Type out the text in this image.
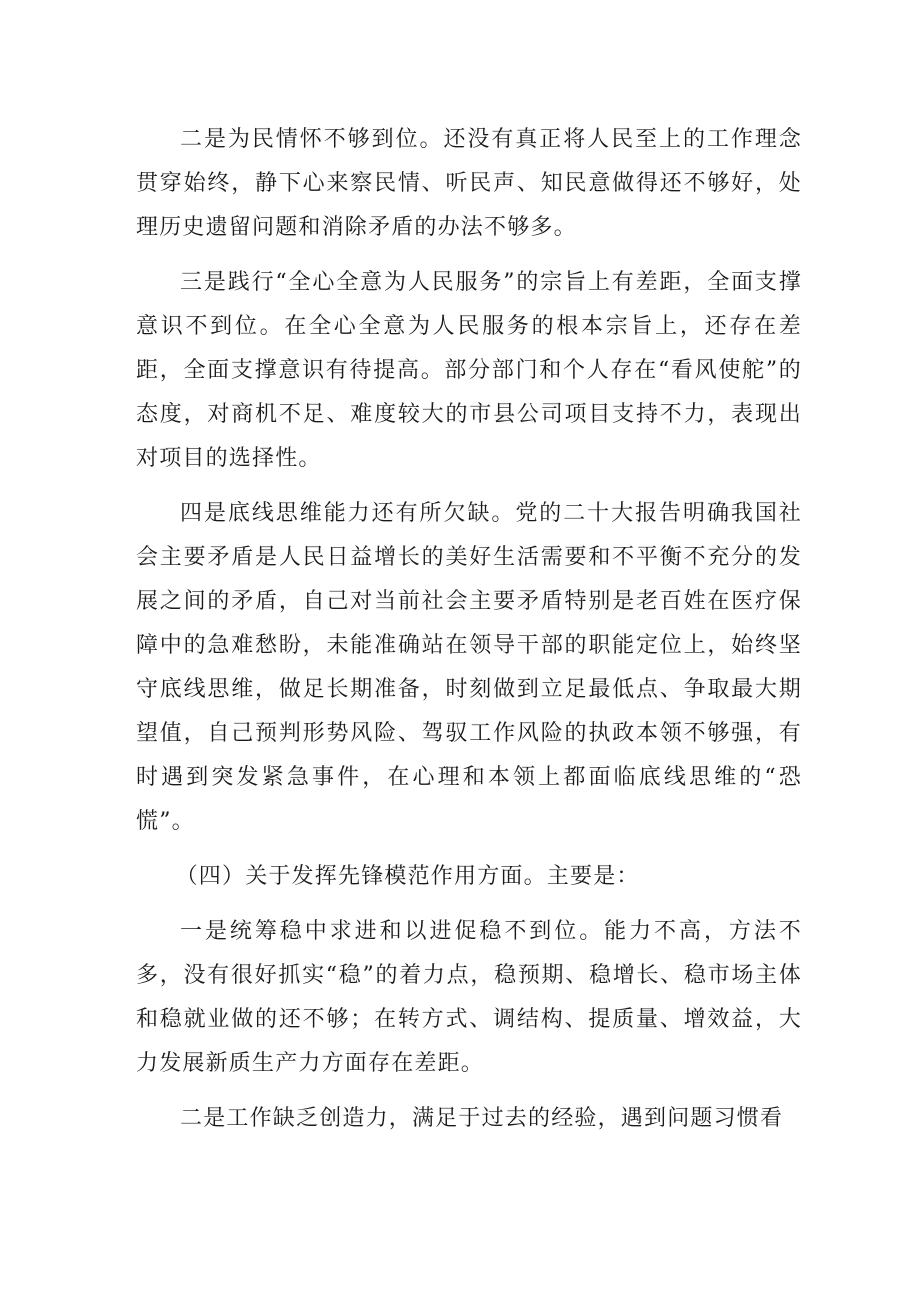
二是为民情怀不够到位。还没有真正将人民至上的工作理念贯穿始终，静下心来察民情、听民声、知民意做得还不够好，处理历史遗留问题和消除矛盾的办法不够多。

三是践行“全心全意为人民服务”的宗旨上有差距，全面支撑意识不到位。在全心全意为人民服务的根本宗旨上，还存在差距，全面支撑意识有待提高。部分部门和个人存在“看风使舵”的态度，对商机不足、难度较大的市县公司项目支持不力，表现出对项目的选择性。

四是底线思维能力还有所欠缺。党的二十大报告明确我国社会主要矛盾是人民日益增长的美好生活需要和不平衡不充分的发展之间的矛盾，自己对当前社会主要矛盾特别是老百姓在医疗保障中的急难愁盼，未能准确站在领导干部的职能定位上，始终坚守底线思维，做足长期准备，时刻做到立足最低点、争取最大期望值，自己预判形势风险、驾驭工作风险的执政本领不够强，有时遇到突发紧急事件，在心理和本领上都面临底线思维的“恐慌”。

（四）关于发挥先锋模范作用方面。主要是：

一是统筹稳中求进和以进促稳不到位。能力不高，方法不多，没有很好抓实“稳”的着力点，稳预期、稳增长、稳市场主体和稳就业做的还不够；在转方式、调结构、提质量、增效益，大力发展新质生产力方面存在差距。

二是工作缺乏创造力，满足于过去的经验，遇到问题习惯看
